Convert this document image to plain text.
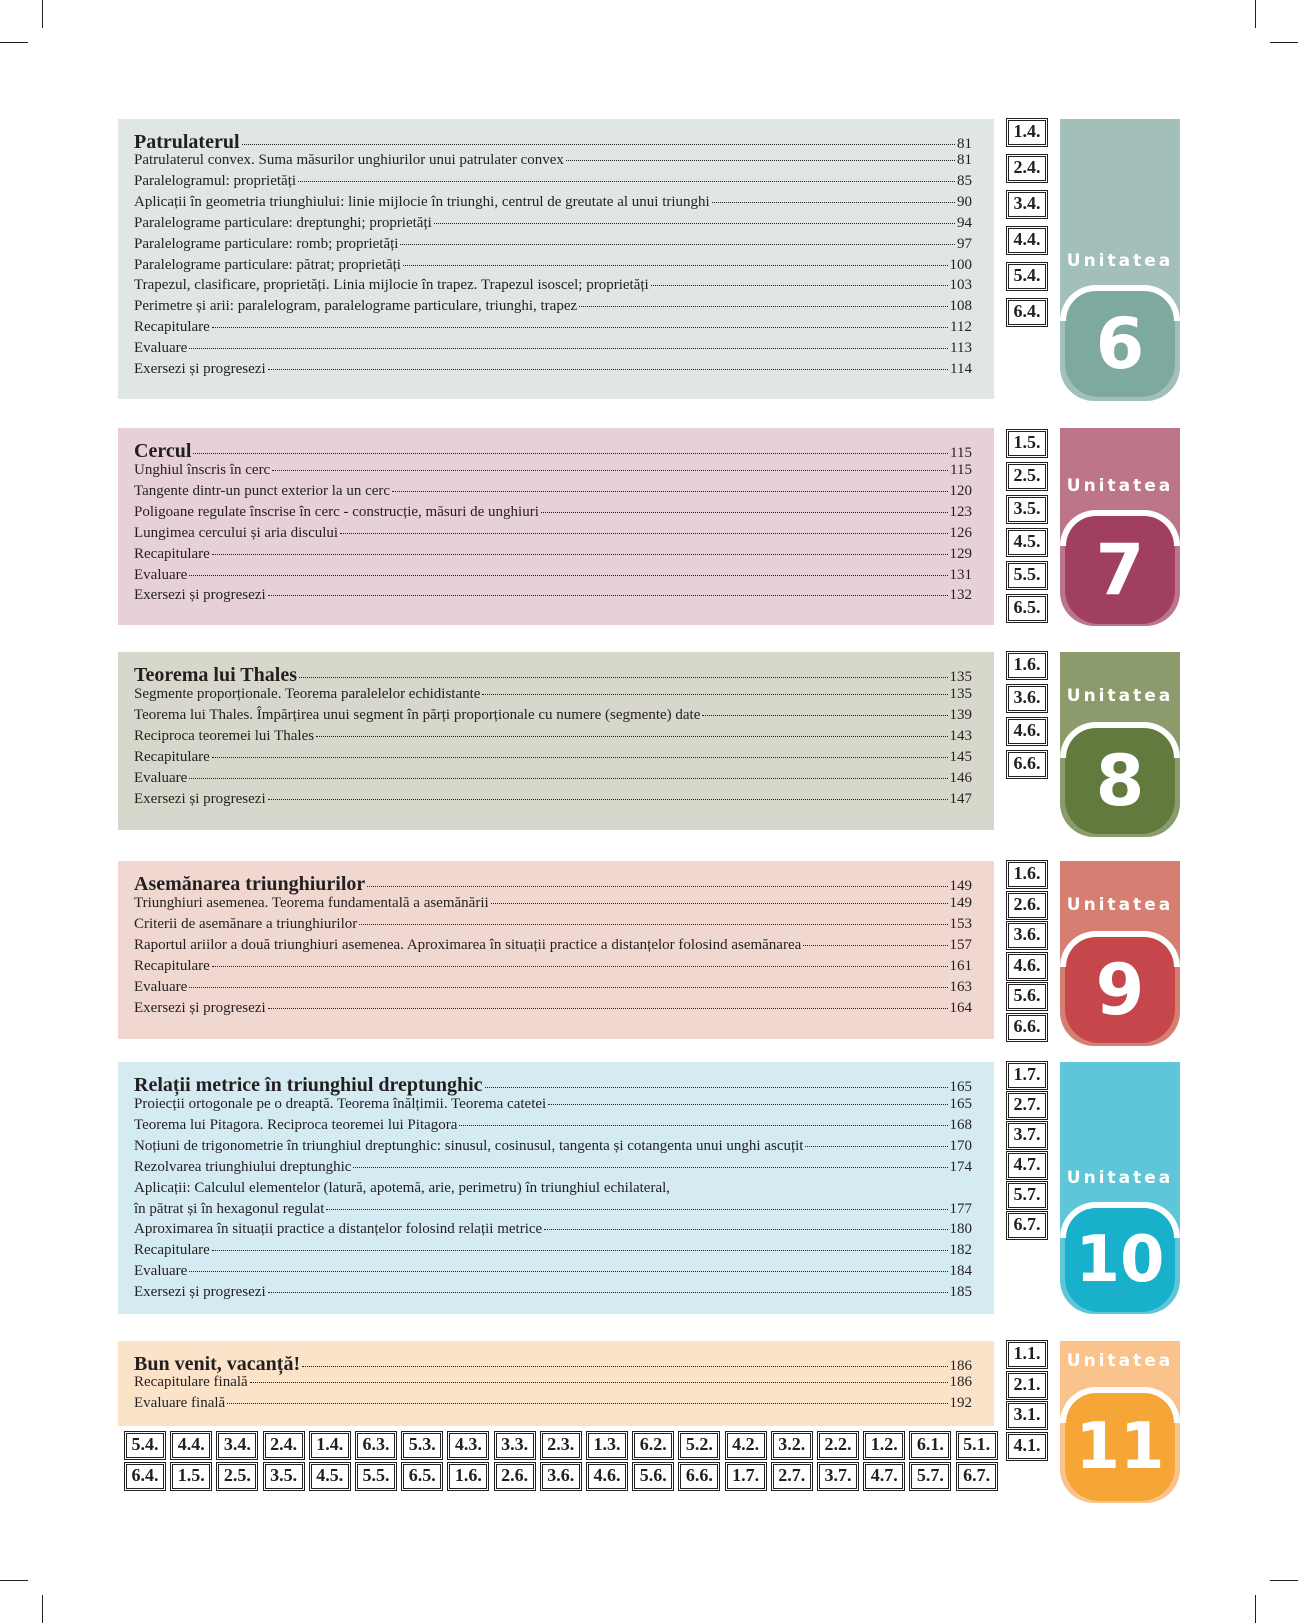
Patrulaterul	81
Patrulaterul convex. Suma măsurilor unghiurilor unui patrulater convex	81
Paralelogramul: proprietăți	85
Aplicații în geometria triunghiului: linie mijlocie în triunghi, centrul de greutate al unui triunghi	90
Paralelograme particulare: dreptunghi; proprietăți	94
Paralelograme particulare: romb; proprietăți	97
Paralelograme particulare: pătrat; proprietăți	100
Trapezul, clasificare, proprietăți. Linia mijlocie în trapez. Trapezul isoscel; proprietăți	103
Perimetre și arii: paralelogram, paralelograme particulare, triunghi, trapez	108
Recapitulare	112
Evaluare	113
Exersezi și progresezi	114
1.4.
2.4.
3.4.
4.4.
5.4.
6.4.
Unitatea
6
Cercul	115
Unghiul înscris în cerc	115
Tangente dintr-un punct exterior la un cerc	120
Poligoane regulate înscrise în cerc - construcție, măsuri de unghiuri	123
Lungimea cercului și aria discului	126
Recapitulare	129
Evaluare	131
Exersezi și progresezi	132
1.5.
2.5.
3.5.
4.5.
5.5.
6.5.
Unitatea
7
Teorema lui Thales	135
Segmente proporționale. Teorema paralelelor echidistante	135
Teorema lui Thales. Împărțirea unui segment în părți proporționale cu numere (segmente) date	139
Reciproca teoremei lui Thales	143
Recapitulare	145
Evaluare	146
Exersezi și progresezi	147
1.6.
3.6.
4.6.
6.6.
Unitatea
8
Asemănarea triunghiurilor	149
Triunghiuri asemenea. Teorema fundamentală a asemănării	149
Criterii de asemănare a triunghiurilor	153
Raportul ariilor a două triunghiuri asemenea. Aproximarea în situații practice a distanțelor folosind asemănarea	157
Recapitulare	161
Evaluare	163
Exersezi și progresezi	164
1.6.
2.6.
3.6.
4.6.
5.6.
6.6.
Unitatea
9
Relații metrice în triunghiul dreptunghic	165
Proiecții ortogonale pe o dreaptă. Teorema înălțimii. Teorema catetei	165
Teorema lui Pitagora. Reciproca teoremei lui Pitagora	168
Noțiuni de trigonometrie în triunghiul dreptunghic: sinusul, cosinusul, tangenta și cotangenta unui unghi ascuțit	170
Rezolvarea triunghiului dreptunghic	174
Aplicații: Calculul elementelor (latură, apotemă, arie, perimetru) în triunghiul echilateral,
în pătrat și în hexagonul regulat	177
Aproximarea în situații practice a distanțelor folosind relații metrice	180
Recapitulare	182
Evaluare	184
Exersezi și progresezi	185
1.7.
2.7.
3.7.
4.7.
5.7.
6.7.
Unitatea
10
Bun venit, vacanță!	186
Recapitulare finală	186
Evaluare finală	192
1.1.
2.1.
3.1.
4.1.
Unitatea
11
5.4.	4.4.	3.4.	2.4.	1.4.	6.3.	5.3.	4.3.	3.3.	2.3.	1.3.	6.2.	5.2.	4.2.	3.2.	2.2.	1.2.	6.1.	5.1.
6.4.	1.5.	2.5.	3.5.	4.5.	5.5.	6.5.	1.6.	2.6.	3.6.	4.6.	5.6.	6.6.	1.7.	2.7.	3.7.	4.7.	5.7.	6.7.
